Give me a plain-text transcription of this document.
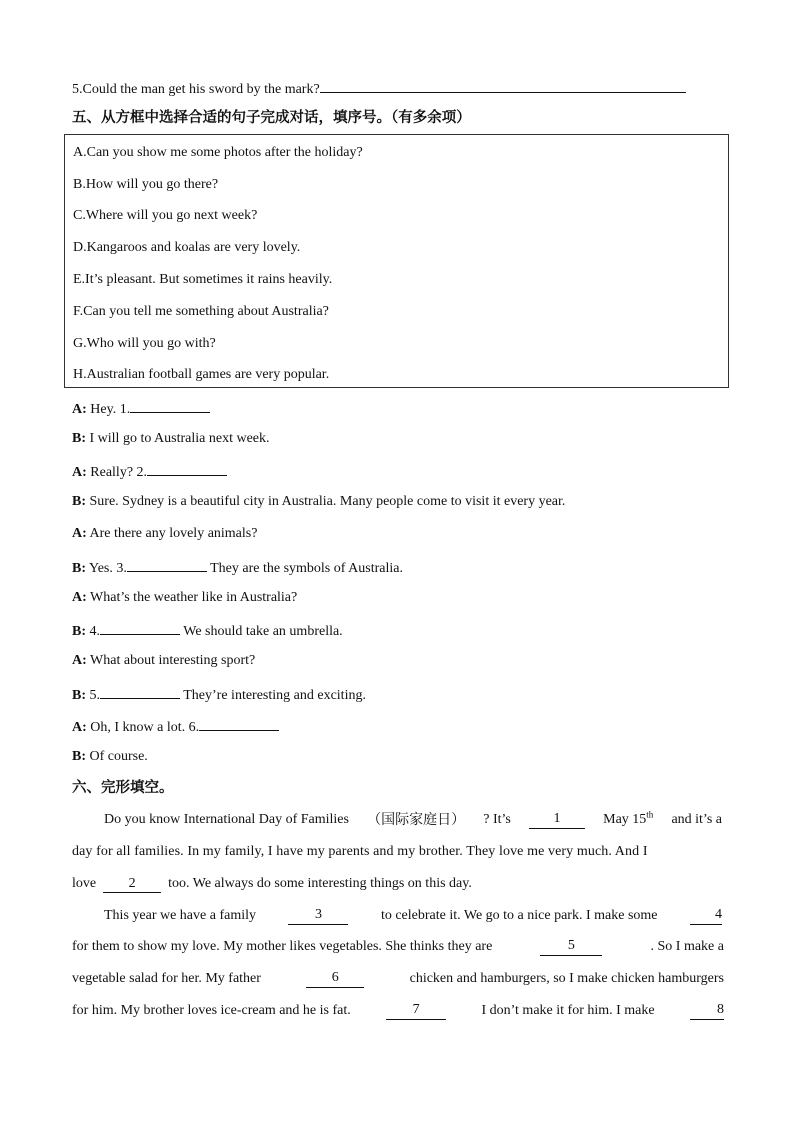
5.Could the man get his sword by the mark?
五、从方框中选择合适的句子完成对话，填序号。（有多余项）
A.Can you show me some photos after the holiday?
B.How will you go there?
C.Where will you go next week?
D.Kangaroos and koalas are very lovely.
E.It’s pleasant. But sometimes it rains heavily.
F.Can you tell me something about Australia?
G.Who will you go with?
H.Australian football games are very popular.
A: Hey. 1.
B: I will go to Australia next week.
A: Really? 2.
B: Sure. Sydney is a beautiful city in Australia. Many people come to visit it every year.
A: Are there any lovely animals?
B: Yes. 3.	They are the symbols of Australia.
A: What’s the weather like in Australia?
B: 4.	We should take an umbrella.
A: What about interesting sport?
B: 5.	They’re interesting and exciting.
A: Oh, I know a lot. 6.
B: Of course.
六、完形填空。
Do you know International Day of Families （国际家庭日） ? It’s	1	May 15th and it’s a
day for all families. In my family, I have my parents and my brother. They love me very much. And I
love 2 too. We always do some interesting things on this day.
This year we have a family	3	to celebrate it. We go to a nice park. I make some	4
for them to show my love. My mother likes vegetables. She thinks they are	5	. So I make a
vegetable salad for her. My father	6	chicken and hamburgers, so I make chicken hamburgers
for him. My brother loves ice-cream and he is fat.	7	I don’t make it for him. I make	8
